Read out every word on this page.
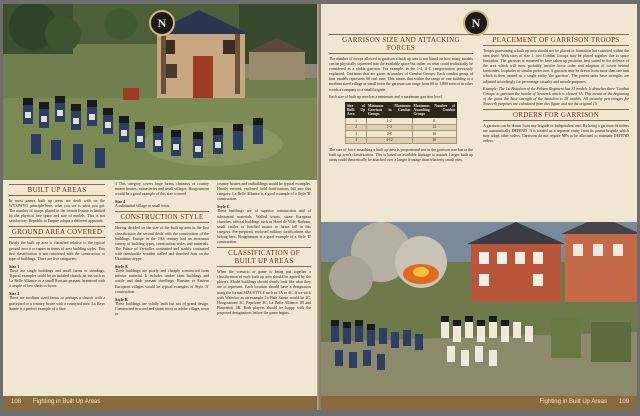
N
BUILT UP AREAS

In most games built up areas are dealt with on the WYSIWYG principle here, what you see is what you get. The number of troops placed in the terrain feature is limited by the physical free space and size of models. This is not satisfactory. Republic to Empire adopts a different approach.

GROUND AREA COVERED

Firstly the built up area is classified relative to the typical ground area it occupies in terms of area building styles. This first classification is not concerned with the construction or type of buildings. There are five categories:

Size 1

These are single buildings and small farms or steadings. Typical examples could be an isolated church, an inn such as La Belle Alliance or a small Russian peasant farmstead with a couple of low sheds or byres.

Size 2

These are medium sized farms or perhaps a church with a graveyard or a country house with a courtyard area. La Haye Sainte is a perfect example of a Size

3 This category covers large farms, chateaux or country manor houses, monasteries and small villages. Hougoumont would be a good example of this size covered.

Size 4

A substantial village or small town.

CONSTRUCTION STYLE

Having decided on the size of the built up area in the first classification the second deals with the construction of the buildings. Europe in the 19th century had an enormous variety of building types, construction styles and materials. The Palace of Versailles contrasted and starkly contrasted with ramshackle wooden walled and thatched huts on the Ukrainian steppe.

Style A

These buildings are poorly and cheaply constructed from inferior material. It includes timber farm buildings and wattle and daub peasant dwellings. Russian or Eastern European villages would be typical examples of Style 'A' construction.

Style B

These buildings are solidly built but not of grand design. Constructed in wood and stone, most or adobe village, town or

country houses and outbuildings would be typical examples. Hastily erected, enclosed field fortifications fall into this category. La Belle Alliance is a good example of a Style 'B' construction.

Style C

These buildings are of superior construction and of substantial materials. Walled towns, stone European churches, official buildings such as Hotel de Ville, Rathaus, small castles or fortified manor or farms fall in this category. Pre-prepared, enclosed military fortifications also belong here. Hougoumont is a good example of a Style 'C' construction.

CLASSIFICATION OF BUILT UP AREAS

When the scenario or game is being put together a classification of each built up area should be agreed by the players. Model buildings should clearly look like what they are to represent. Each location should have a designation using the format SIZE/STYLE such as 1A or 4C. If we stick with Waterloo as an example La Haie Sainte would be 2C, Hougoumont 3C, Papelotte 3C, La Belle Alliance 1B and Plancenoit 4B. Both players should be happy with the proposed designations before the game begins.

108 Fighting in Built Up Areas
N
GARRISON SIZE AND ATTACKING FORCES

The number of troops allowed to garrison a built up area is not based on how many models can be physically squeezed into the available space but rather on what could realistically be considered as a viable garrison. For example, in the 1-4, A-C categorisation previously explained. Garrisons that are given in number of Combat Groups. Each combat group of four models represents 60 real men. This means that within the range of one building to a medium sized village or small town the garrison can range from 60 to 1,800 men or in other words a company to a small brigade.

Each size of built up area has a minimum and a maximum garrison level.

Size of Built Up Area	Minimum - Maximum Garrison in Combat Groups	Maximum Number of Assaulting Combat Groups
1	1-2	6
2	1-4	12
3	2-8	18
4	4-12	30

The size of force assaulting a built up area is proportional not to the garrison size but to the built up area's classification. This is based on available frontage to assault. Larger built up areas could theoretically be attacked over a longer frontage than relatively small ones.

PLACEMENT OF GARRISON TROOPS

Troops garrisoning a built up area should not be placed in formation but scattered within the area itself. With sizes of size 1, two Combat Groups may be placed together due to space limitation. The garrison is assumed to have taken up positions best suited to the defence of the area which will most probably involve loose order and adoption of covert behind barricades, loopholes or similar protection. A garrison may be drawn from more than one unit which is then treated as a single entity 'the garrison'. The parent units have strengths are adjusted accordingly for percentage casualty and morale purposes.

Example: The 1st Battalion of the Polizen Regiment has 15 models. It detaches three 'Combat Groups' to garrison the hamlet of Neuwerk which is classed 1A. This means at the beginning of the game the base strength of the battalion is 28 models. All casualty percentages for Neuwerk purposes are calculated from this figure and not the original 15.

ORDERS FOR GARRISON

A garrison can be drawn from any brigade or independent unit. By being a garrison its orders are automatically DEFEND. It is treated as a separate entity from its parent brigade which may adopt other orders. Garrisons do not require MPs to be allocated to maintain DEFEND orders.

Fighting in Built Up Areas 109
